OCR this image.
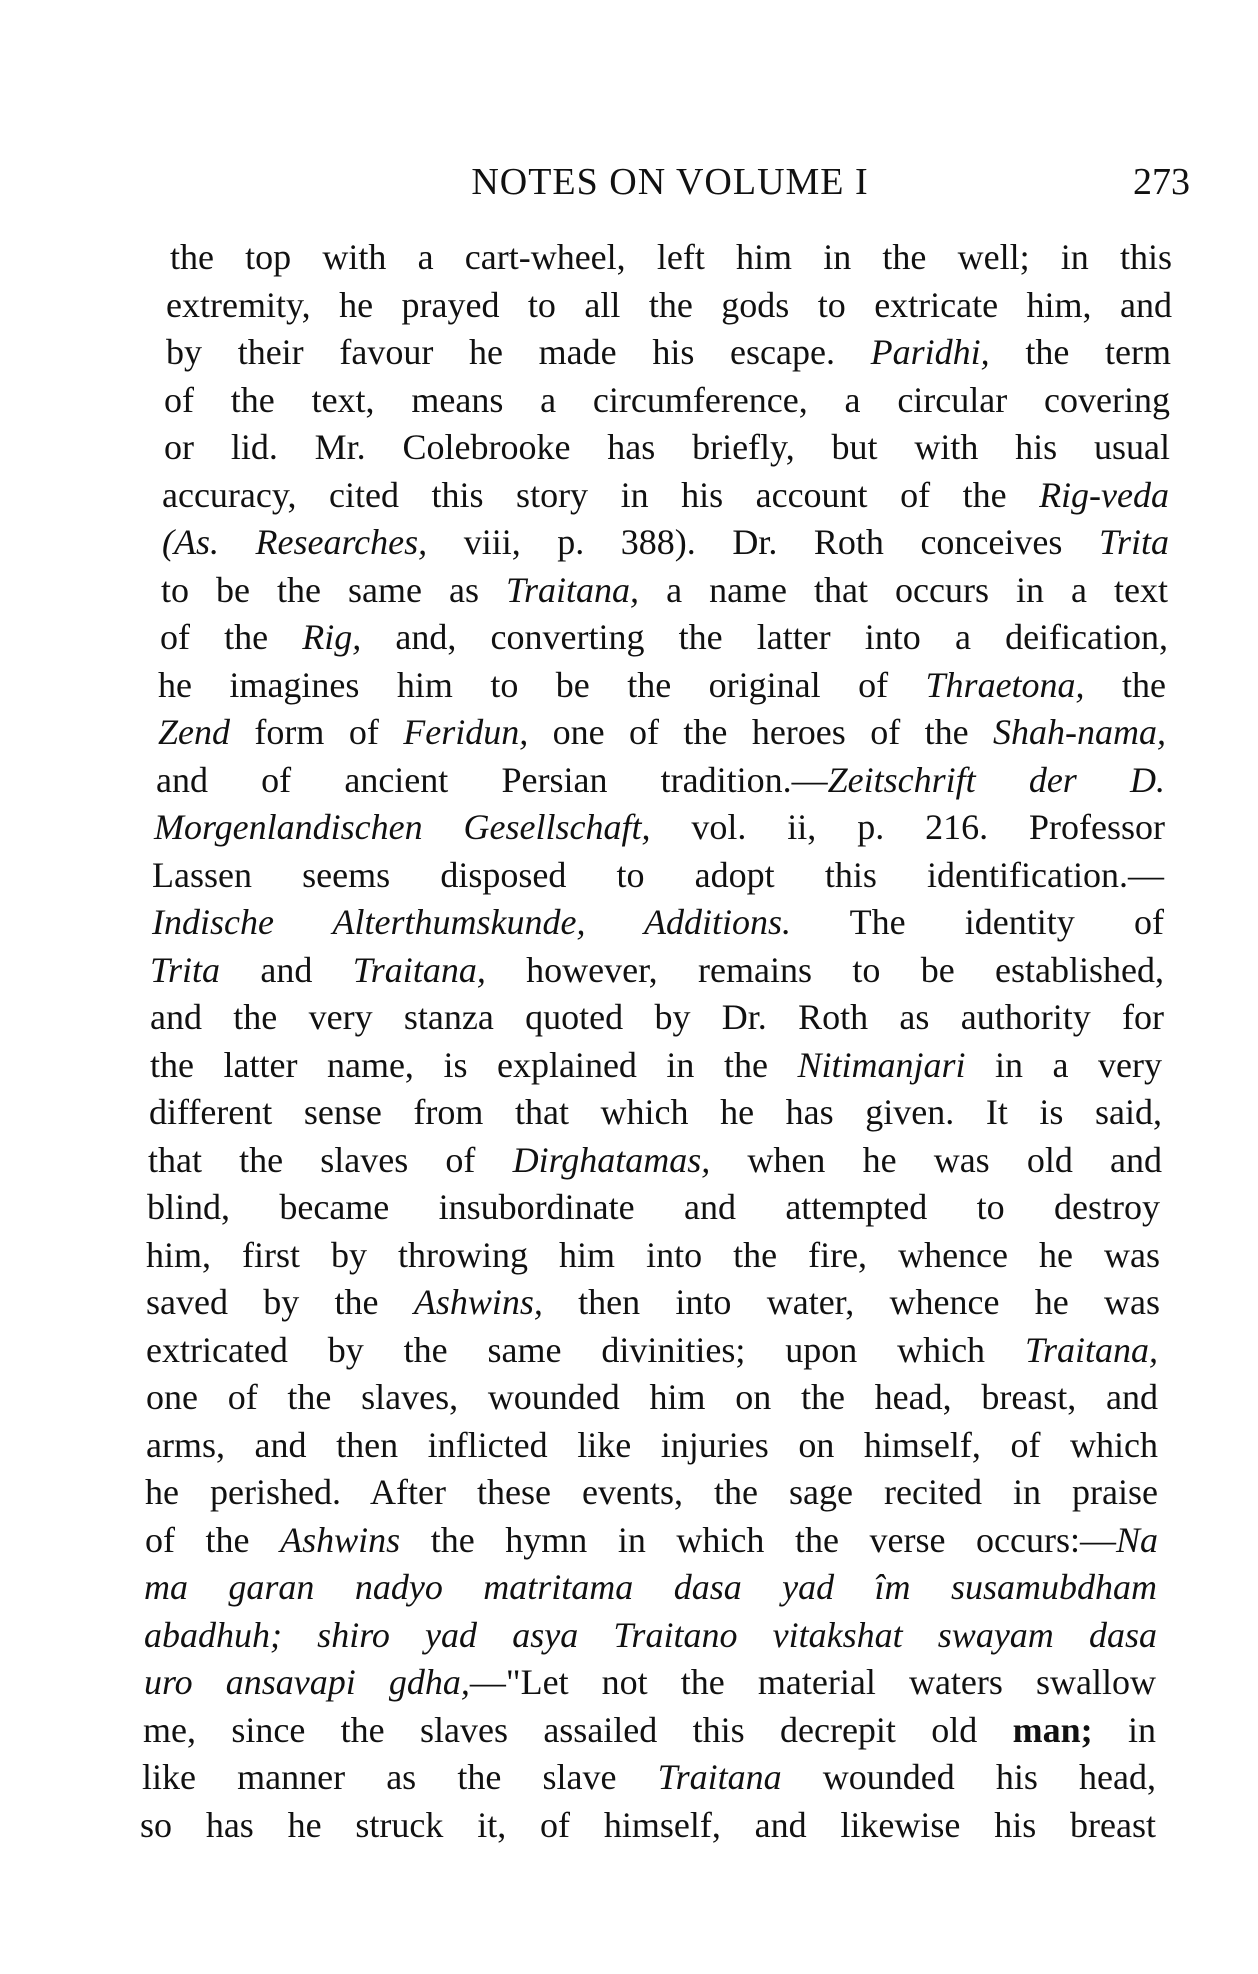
NOTES ON VOLUME I	273
the top with a cart-wheel, left him in the well; in this
extremity, he prayed to all the gods to extricate him, and
by their favour he made his escape. Paridhi, the term
of the text, means a circumference, a circular covering
or lid. Mr. Colebrooke has briefly, but with his usual
accuracy, cited this story in his account of the Rig-veda
(As. Researches, viii, p. 388). Dr. Roth conceives Trita
to be the same as Traitana, a name that occurs in a text
of the Rig, and, converting the latter into a deification,
he imagines him to be the original of Thraetona, the
Zend form of Feridun, one of the heroes of the Shah-nama,
and of ancient Persian tradition.—Zeitschrift der D.
Morgenlandischen Gesellschaft, vol. ii, p. 216. Professor
Lassen seems disposed to adopt this identification.—
Indische Alterthumskunde, Additions. The identity of
Trita and Traitana, however, remains to be established,
and the very stanza quoted by Dr. Roth as authority for
the latter name, is explained in the Nitimanjari in a very
different sense from that which he has given. It is said,
that the slaves of Dirghatamas, when he was old and
blind, became insubordinate and attempted to destroy
him, first by throwing him into the fire, whence he was
saved by the Ashwins, then into water, whence he was
extricated by the same divinities; upon which Traitana,
one of the slaves, wounded him on the head, breast, and
arms, and then inflicted like injuries on himself, of which
he perished. After these events, the sage recited in praise
of the Ashwins the hymn in which the verse occurs:—Na
ma garan nadyo matritama dasa yad îm susamubdham
abadhuh; shiro yad asya Traitano vitakshat swayam dasa
uro ansavapi gdha,—"Let not the material waters swallow
me, since the slaves assailed this decrepit old man; in
like manner as the slave Traitana wounded his head,
so has he struck it, of himself, and likewise his breast
